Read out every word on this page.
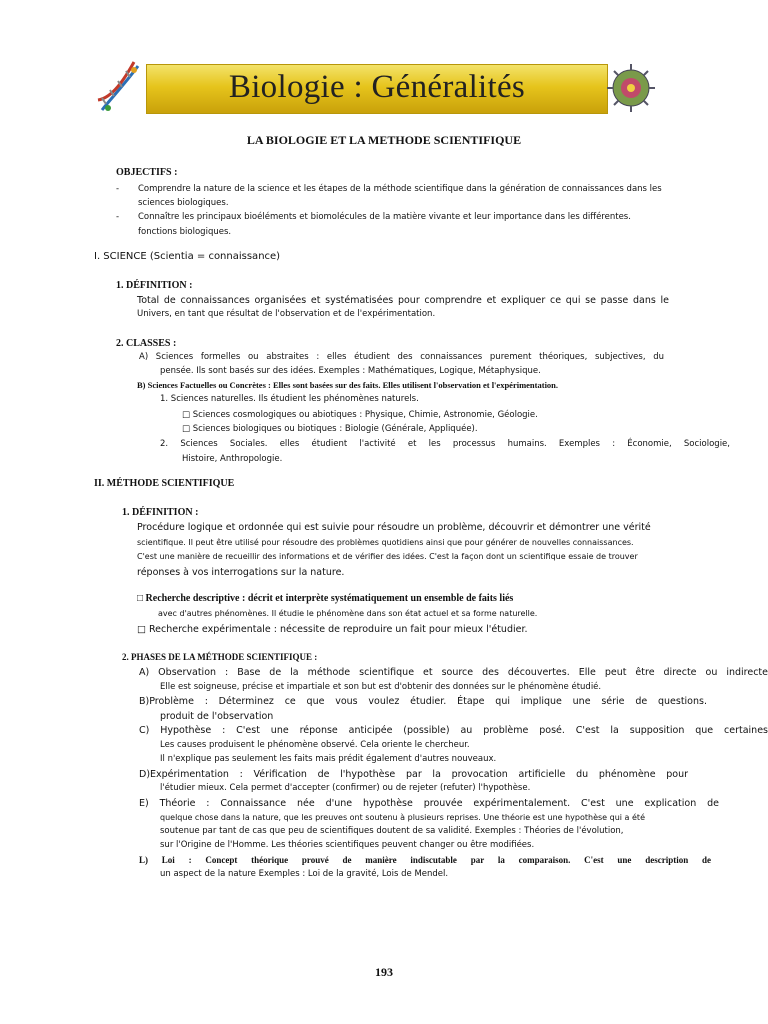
Biologie : Généralités
LA BIOLOGIE ET LA METHODE SCIENTIFIQUE
OBJECTIFS :
- Comprendre la nature de la science et les étapes de la méthode scientifique dans la génération de connaissances dans les
sciences biologiques.
- Connaître les principaux bioéléments et biomolécules de la matière vivante et leur importance dans les différentes.
fonctions biologiques.
I. SCIENCE (Scientia = connaissance)
1. DÉFINITION :
Total de connaissances organisées et systématisées pour comprendre et expliquer ce qui se passe dans le
Univers, en tant que résultat de l'observation et de l'expérimentation.
2. CLASSES :
A) Sciences formelles ou abstraites : elles étudient des connaissances purement théoriques, subjectives, du
pensée. Ils sont basés sur des idées. Exemples : Mathématiques, Logique, Métaphysique.
B) Sciences Factuelles ou Concrètes : Elles sont basées sur des faits. Elles utilisent l'observation et l'expérimentation.
1. Sciences naturelles. Ils étudient les phénomènes naturels.
□ Sciences cosmologiques ou abiotiques : Physique, Chimie, Astronomie, Géologie.
□ Sciences biologiques ou biotiques : Biologie (Générale, Appliquée).
2. Sciences Sociales. elles étudient l'activité et les processus humains. Exemples : Économie, Sociologie,
Histoire, Anthropologie.
II. MÉTHODE SCIENTIFIQUE
1. DÉFINITION :
Procédure logique et ordonnée qui est suivie pour résoudre un problème, découvrir et démontrer une vérité
scientifique. Il peut être utilisé pour résoudre des problèmes quotidiens ainsi que pour générer de nouvelles connaissances.
C'est une manière de recueillir des informations et de vérifier des idées. C'est la façon dont un scientifique essaie de trouver
réponses à vos interrogations sur la nature.
□ Recherche descriptive : décrit et interprète systématiquement un ensemble de faits liés
avec d'autres phénomènes. Il étudie le phénomène dans son état actuel et sa forme naturelle.
□ Recherche expérimentale : nécessite de reproduire un fait pour mieux l'étudier.
2. PHASES DE LA MÉTHODE SCIENTIFIQUE :
A) Observation : Base de la méthode scientifique et source des découvertes. Elle peut être directe ou indirecte
Elle est soigneuse, précise et impartiale et son but est d'obtenir des données sur le phénomène étudié.
B)Problème : Déterminez ce que vous voulez étudier. Étape qui implique une série de questions.
produit de l'observation
C) Hypothèse : C'est une réponse anticipée (possible) au problème posé. C'est la supposition que certaines
Les causes produisent le phénomène observé. Cela oriente le chercheur.
Il n'explique pas seulement les faits mais prédit également d'autres nouveaux.
D)Expérimentation : Vérification de l'hypothèse par la provocation artificielle du phénomène pour
l'étudier mieux. Cela permet d'accepter (confirmer) ou de rejeter (refuter) l'hypothèse.
E) Théorie : Connaissance née d'une hypothèse prouvée expérimentalement. C'est une explication de
quelque chose dans la nature, que les preuves ont soutenu à plusieurs reprises. Une théorie est une hypothèse qui a été
soutenue par tant de cas que peu de scientifiques doutent de sa validité. Exemples : Théories de l'évolution,
sur l'Origine de l'Homme. Les théories scientifiques peuvent changer ou être modifiées.
L) Loi : Concept théorique prouvé de manière indiscutable par la comparaison. C'est une description de
un aspect de la nature Exemples : Loi de la gravité, Lois de Mendel.
193
